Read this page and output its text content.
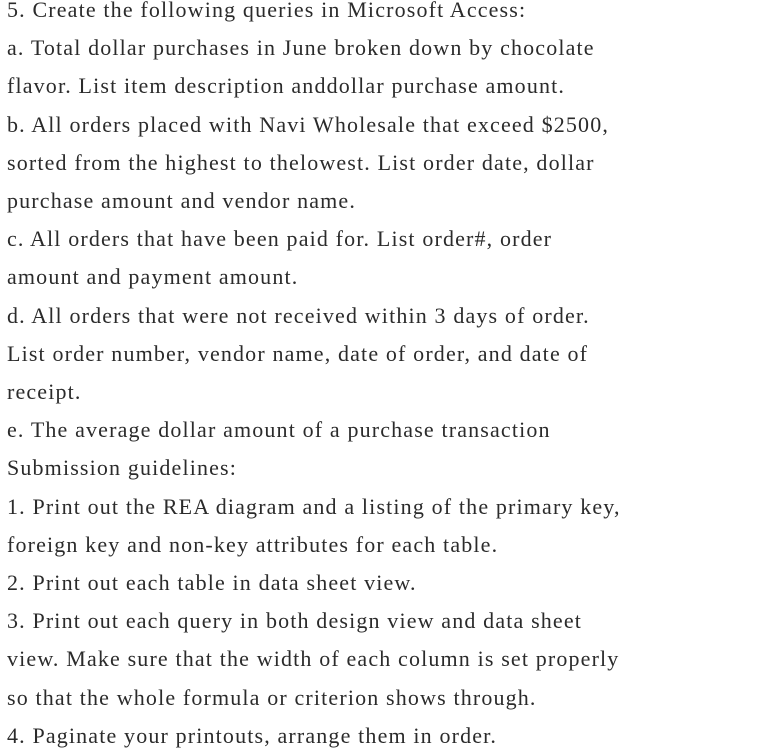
5. Create the following queries in Microsoft Access:

a. Total dollar purchases in June broken down by chocolate

flavor. List item description anddollar purchase amount.

b. All orders placed with Navi Wholesale that exceed $2500,

sorted from the highest to thelowest. List order date, dollar

purchase amount and vendor name.

c. All orders that have been paid for. List order#, order

amount and payment amount.

d. All orders that were not received within 3 days of order.

List order number, vendor name, date of order, and date of

receipt.

e. The average dollar amount of a purchase transaction

Submission guidelines:

1. Print out the REA diagram and a listing of the primary key,

foreign key and non-key attributes for each table.

2. Print out each table in data sheet view.

3. Print out each query in both design view and data sheet

view. Make sure that the width of each column is set properly

so that the whole formula or criterion shows through.

4. Paginate your printouts, arrange them in order.
